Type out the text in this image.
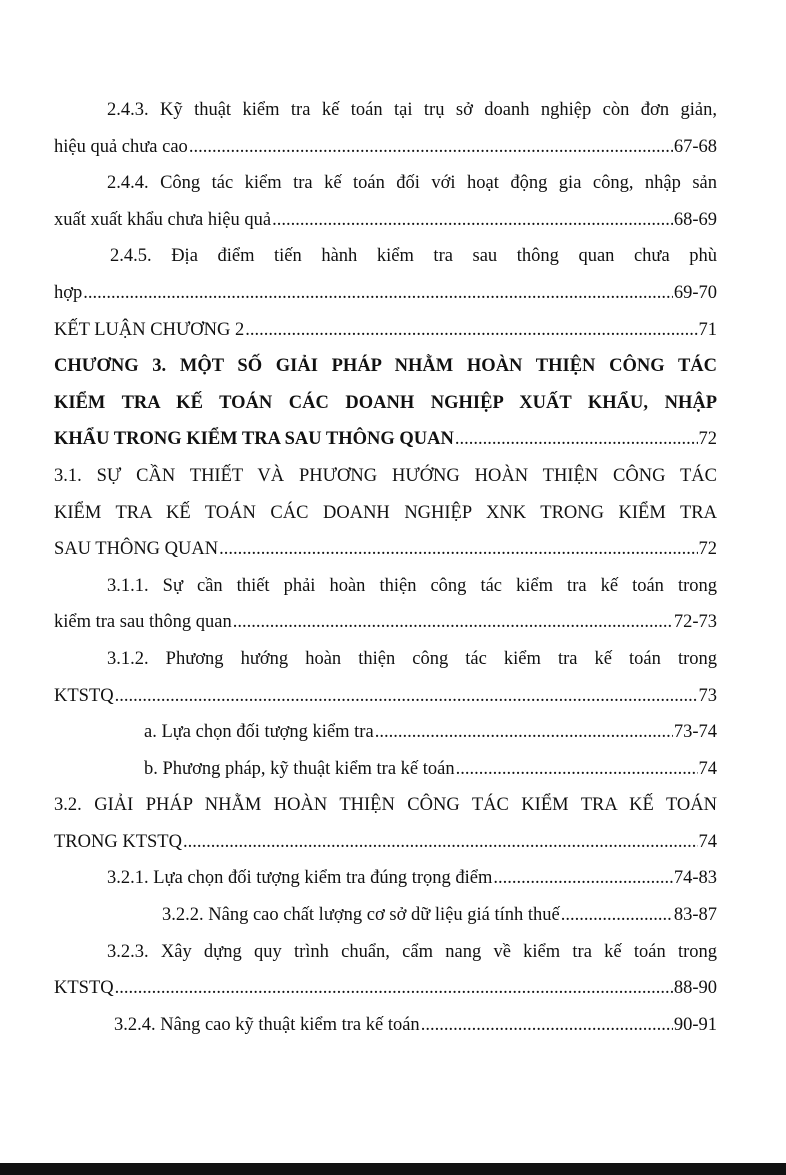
2.4.3. Kỹ thuật kiểm tra kế toán tại trụ sở doanh nghiệp còn đơn giản,
hiệu quả chưa cao .....	67-68
2.4.4. Công tác kiểm tra kế toán đối với hoạt động gia công, nhập sản
xuất xuất khẩu chưa hiệu quả .....	68-69
2.4.5. Địa điểm tiến hành kiểm tra sau thông quan chưa phù
hợp .....	69-70
KẾT LUẬN CHƯƠNG 2 .....	71
CHƯƠNG 3. MỘT SỐ GIẢI PHÁP NHẰM HOÀN THIỆN CÔNG TÁC
KIỂM TRA KẾ TOÁN CÁC DOANH NGHIỆP XUẤT KHẨU, NHẬP
KHẨU TRONG KIỂM TRA SAU THÔNG QUAN .....	72
3.1. SỰ CẦN THIẾT VÀ PHƯƠNG HƯỚNG HOÀN THIỆN CÔNG TÁC
KIỂM TRA KẾ TOÁN CÁC DOANH NGHIỆP XNK TRONG KIỂM TRA
SAU THÔNG QUAN .....	72
3.1.1. Sự cần thiết phải hoàn thiện công tác kiểm tra kế toán trong
kiểm tra sau thông quan .....	72-73
3.1.2. Phương hướng hoàn thiện công tác kiểm tra kế toán trong
KTSTQ .....	73
a. Lựa chọn đối tượng kiểm tra .....	73-74
b. Phương pháp, kỹ thuật kiểm tra kế toán .....	74
3.2. GIẢI PHÁP NHẰM HOÀN THIỆN CÔNG TÁC KIỂM TRA KẾ TOÁN
TRONG KTSTQ .....	74
3.2.1. Lựa chọn đối tượng kiểm tra đúng trọng điểm .....	74-83
3.2.2. Nâng cao chất lượng cơ sở dữ liệu giá tính thuế .....	83-87
3.2.3. Xây dựng quy trình chuẩn, cẩm nang về kiểm tra kế toán trong
KTSTQ .....	88-90
3.2.4. Nâng cao kỹ thuật kiểm tra kế toán .....	90-91
